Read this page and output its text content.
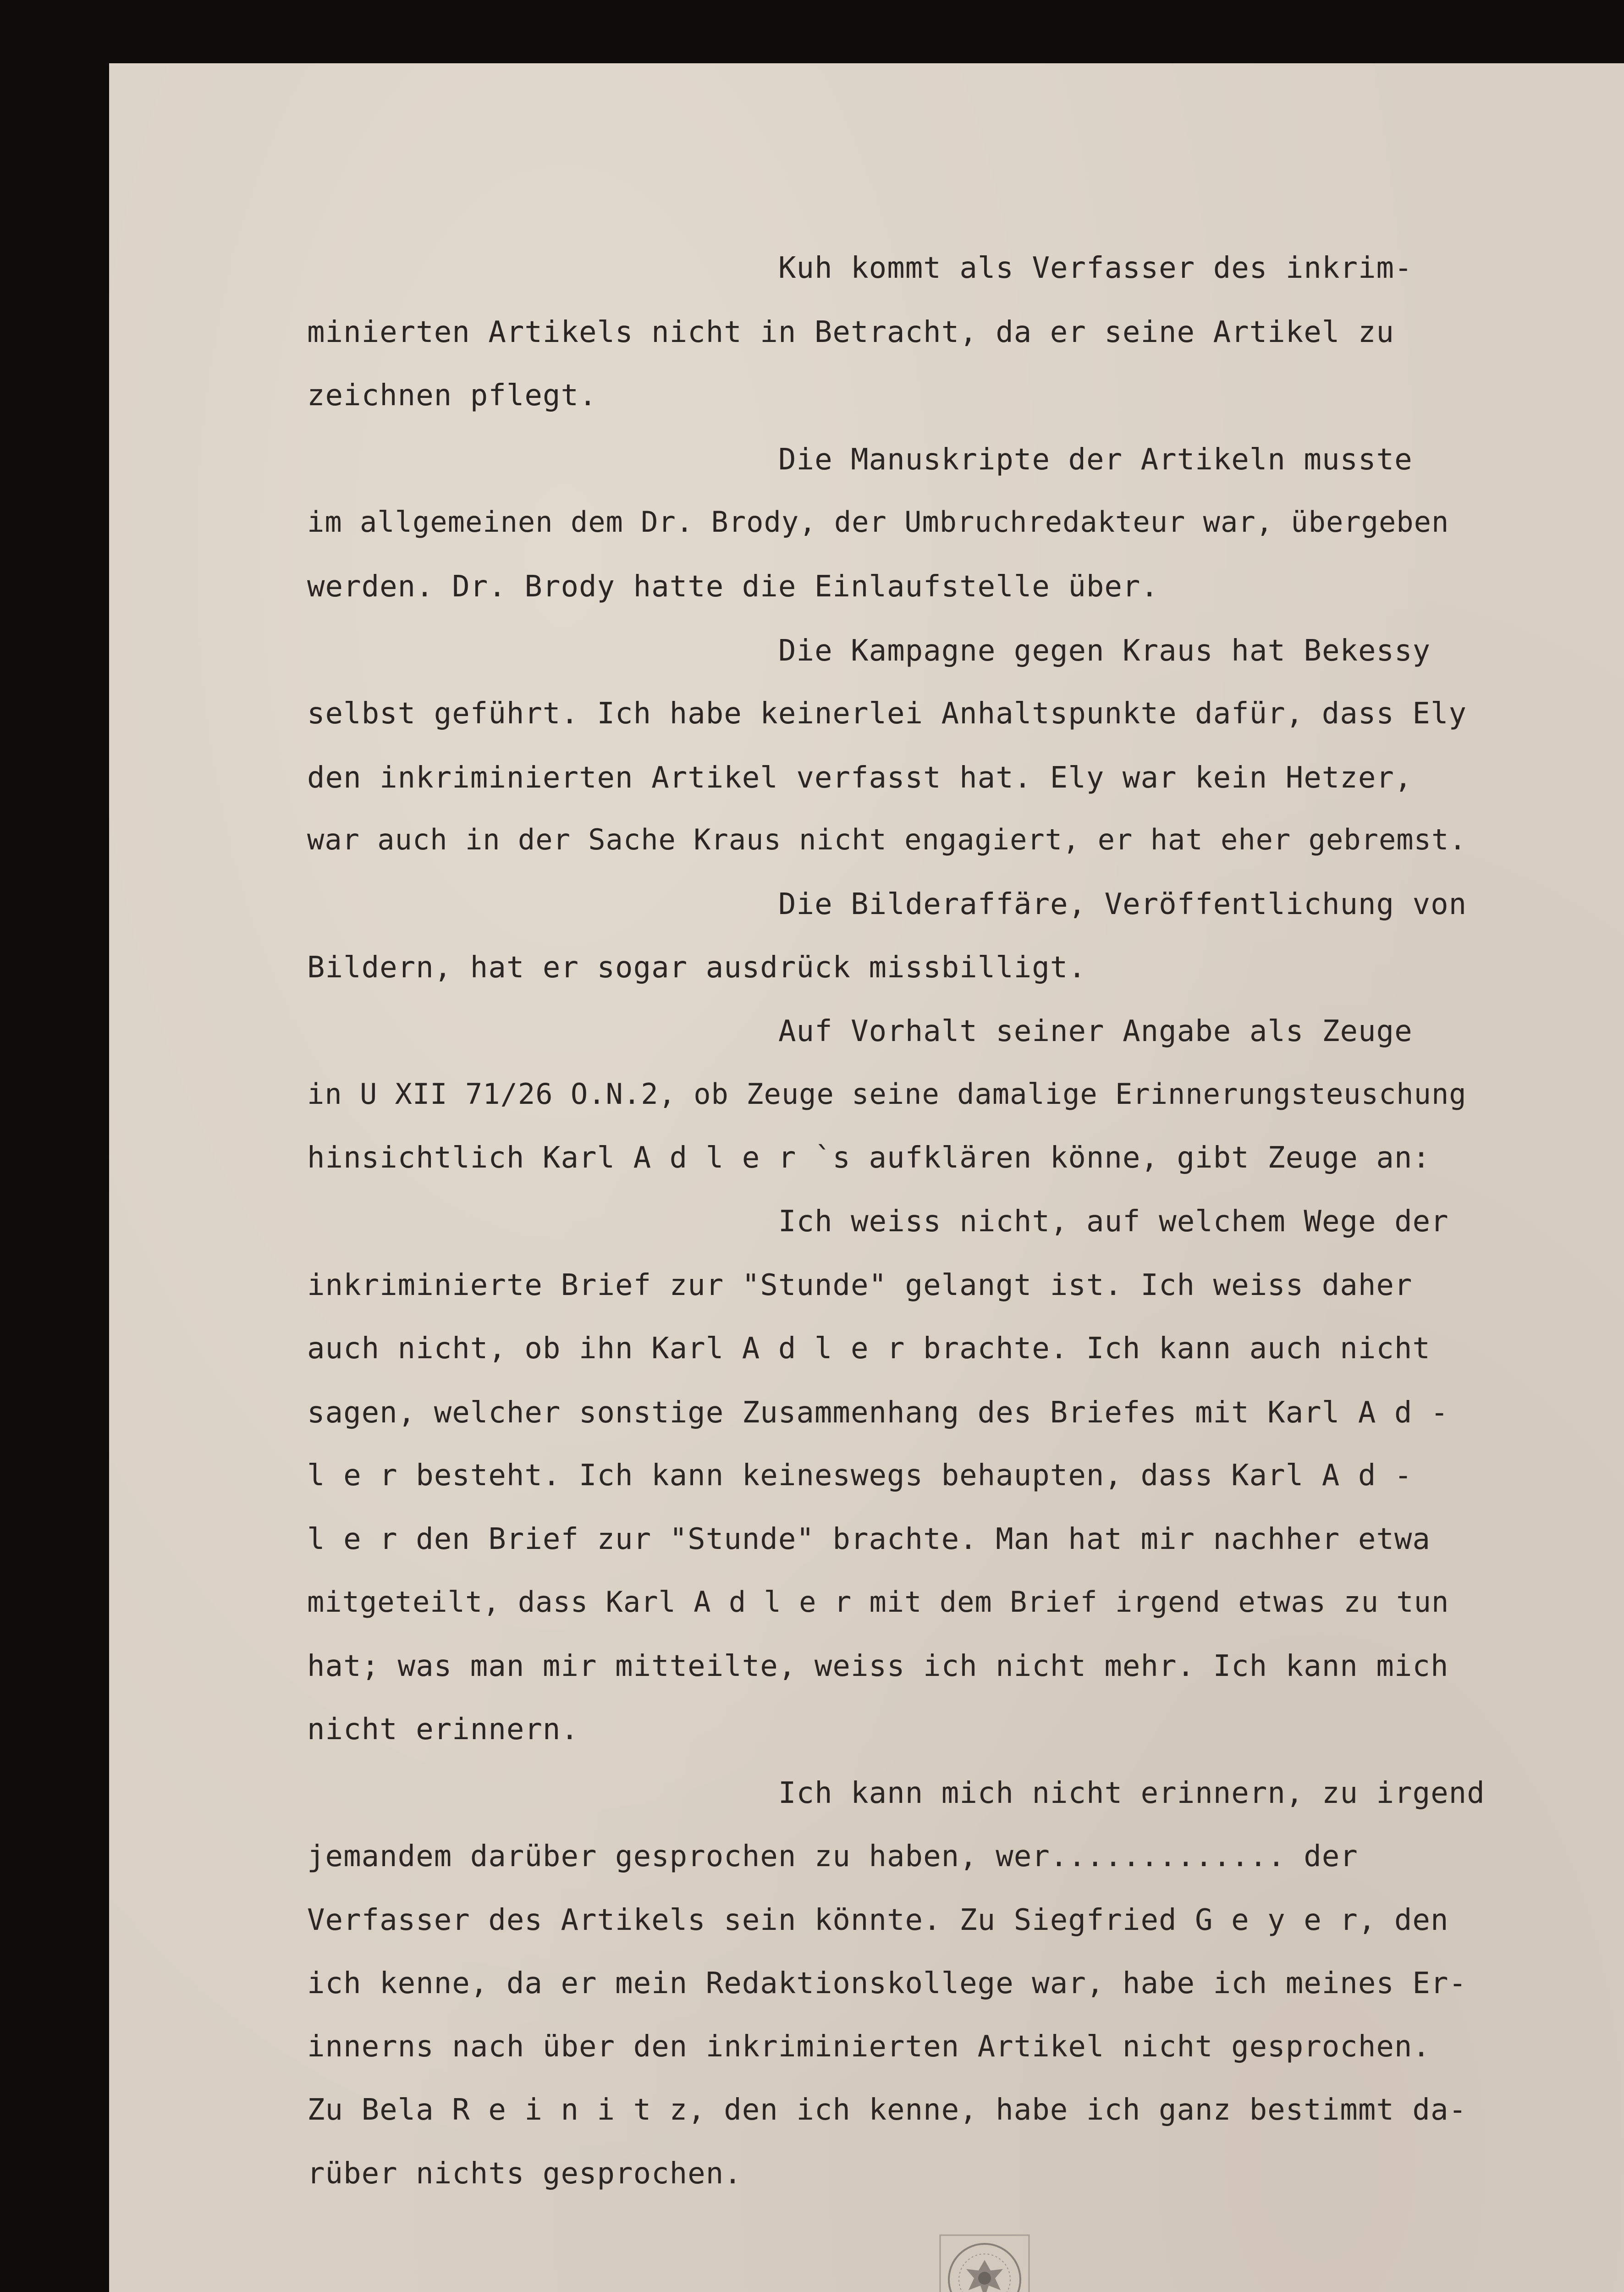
Kuh kommt als Verfasser des inkrim-

minierten Artikels nicht in Betracht, da er seine Artikel zu

zeichnen pflegt.

Die Manuskripte der Artikeln musste

im allgemeinen dem Dr. Brody, der Umbruchredakteur war, übergeben

werden. Dr. Brody hatte die Einlaufstelle über.

Die Kampagne gegen Kraus hat Bekessy

selbst geführt. Ich habe keinerlei Anhaltspunkte dafür, dass Ely

den inkriminierten Artikel verfasst hat. Ely war kein Hetzer,

war auch in der Sache Kraus nicht engagiert, er hat eher gebremst.

Die Bilderaffäre, Veröffentlichung von

Bildern, hat er sogar ausdrück missbilligt.

Auf Vorhalt seiner Angabe als Zeuge

in U XII 71/26 O.N.2, ob Zeuge seine damalige Erinnerungsteuschung

hinsichtlich Karl A d l e r `s aufklären könne, gibt Zeuge an:

Ich weiss nicht, auf welchem Wege der

inkriminierte Brief zur "Stunde" gelangt ist. Ich weiss daher

auch nicht, ob ihn Karl A d l e r brachte. Ich kann auch nicht

sagen, welcher sonstige Zusammenhang des Briefes mit Karl A d -

l e r besteht. Ich kann keineswegs behaupten, dass Karl A d -

l e r den Brief zur "Stunde" brachte. Man hat mir nachher etwa

mitgeteilt, dass Karl A d l e r mit dem Brief irgend etwas zu tun

hat; was man mir mitteilte, weiss ich nicht mehr. Ich kann mich

nicht erinnern.

Ich kann mich nicht erinnern, zu irgend

jemandem darüber gesprochen zu haben, wer............. der

Verfasser des Artikels sein könnte. Zu Siegfried G e y e r, den

ich kenne, da er mein Redaktionskollege war, habe ich meines Er-

innerns nach über den inkriminierten Artikel nicht gesprochen.

Zu Bela R e i n i t z, den ich kenne, habe ich ganz bestimmt da-

rüber nichts gesprochen.
